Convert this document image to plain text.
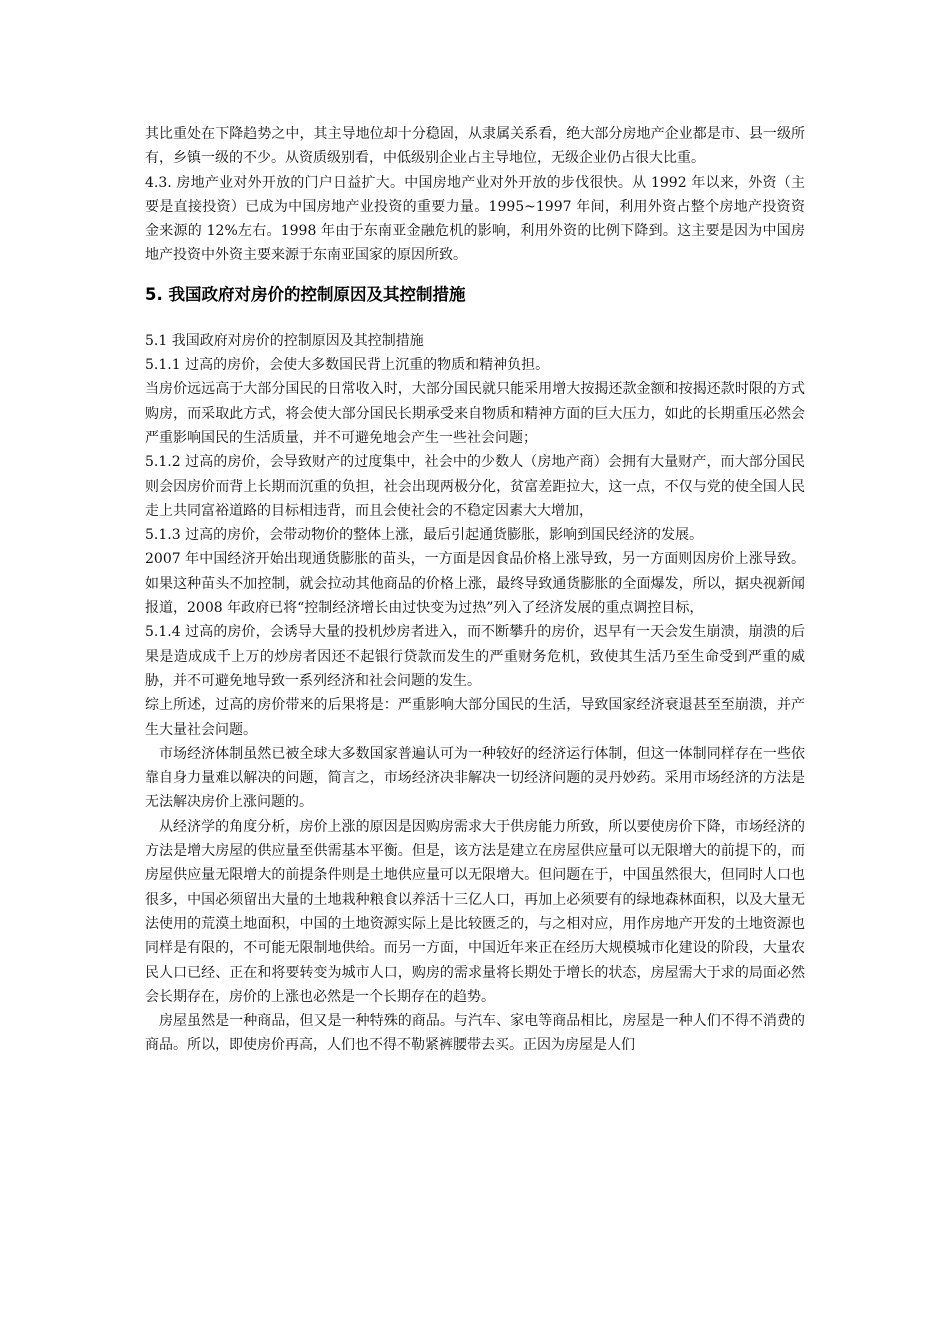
其比重处在下降趋势之中，其主导地位却十分稳固，从隶属关系看，绝大部分房地产企业都是市、县一级所有，乡镇一级的不少。从资质级别看，中低级别企业占主导地位，无级企业仍占很大比重。

4.3. 房地产业对外开放的门户日益扩大。中国房地产业对外开放的步伐很快。从 1992 年以来，外资（主要是直接投资）已成为中国房地产业投资的重要力量。1995~1997 年间，利用外资占整个房地产投资资金来源的 12%左右。1998 年由于东南亚金融危机的影响，利用外资的比例下降到。这主要是因为中国房地产投资中外资主要来源于东南亚国家的原因所致。

5. 我国政府对房价的控制原因及其控制措施

5.1 我国政府对房价的控制原因及其控制措施

5.1.1 过高的房价，会使大多数国民背上沉重的物质和精神负担。

当房价远远高于大部分国民的日常收入时，大部分国民就只能采用增大按揭还款金额和按揭还款时限的方式购房，而采取此方式，将会使大部分国民长期承受来自物质和精神方面的巨大压力，如此的长期重压必然会严重影响国民的生活质量，并不可避免地会产生一些社会问题；

5.1.2 过高的房价，会导致财产的过度集中，社会中的少数人（房地产商）会拥有大量财产，而大部分国民则会因房价而背上长期而沉重的负担，社会出现两极分化，贫富差距拉大，这一点，不仅与党的使全国人民走上共同富裕道路的目标相违背，而且会使社会的不稳定因素大大增加，

5.1.3 过高的房价，会带动物价的整体上涨，最后引起通货膨胀，影响到国民经济的发展。

2007 年中国经济开始出现通货膨胀的苗头，一方面是因食品价格上涨导致，另一方面则因房价上涨导致。如果这种苗头不加控制，就会拉动其他商品的价格上涨，最终导致通货膨胀的全面爆发，所以，据央视新闻报道，2008 年政府已将“控制经济增长由过快变为过热”列入了经济发展的重点调控目标，

5.1.4 过高的房价，会诱导大量的投机炒房者进入，而不断攀升的房价，迟早有一天会发生崩溃，崩溃的后果是造成成千上万的炒房者因还不起银行贷款而发生的严重财务危机，致使其生活乃至生命受到严重的威胁，并不可避免地导致一系列经济和社会问题的发生。

综上所述，过高的房价带来的后果将是：严重影响大部分国民的生活，导致国家经济衰退甚至至崩溃，并产生大量社会问题。

市场经济体制虽然已被全球大多数国家普遍认可为一种较好的经济运行体制，但这一体制同样存在一些依靠自身力量难以解决的问题，简言之，市场经济决非解决一切经济问题的灵丹妙药。采用市场经济的方法是无法解决房价上涨问题的。

从经济学的角度分析，房价上涨的原因是因购房需求大于供房能力所致，所以要使房价下降，市场经济的方法是增大房屋的供应量至供需基本平衡。但是，该方法是建立在房屋供应量可以无限增大的前提下的，而房屋供应量无限增大的前提条件则是土地供应量可以无限增大。但问题在于，中国虽然很大，但同时人口也很多，中国必须留出大量的土地栽种粮食以养活十三亿人口，再加上必须要有的绿地森林面积，以及大量无法使用的荒漠土地面积，中国的土地资源实际上是比较匮乏的，与之相对应，用作房地产开发的土地资源也同样是有限的，不可能无限制地供给。而另一方面，中国近年来正在经历大规模城市化建设的阶段，大量农民人口已经、正在和将要转变为城市人口，购房的需求量将长期处于增长的状态，房屋需大于求的局面必然会长期存在，房价的上涨也必然是一个长期存在的趋势。

房屋虽然是一种商品，但又是一种特殊的商品。与汽车、家电等商品相比，房屋是一种人们不得不消费的商品。所以，即使房价再高，人们也不得不勒紧裤腰带去买。正因为房屋是人们
